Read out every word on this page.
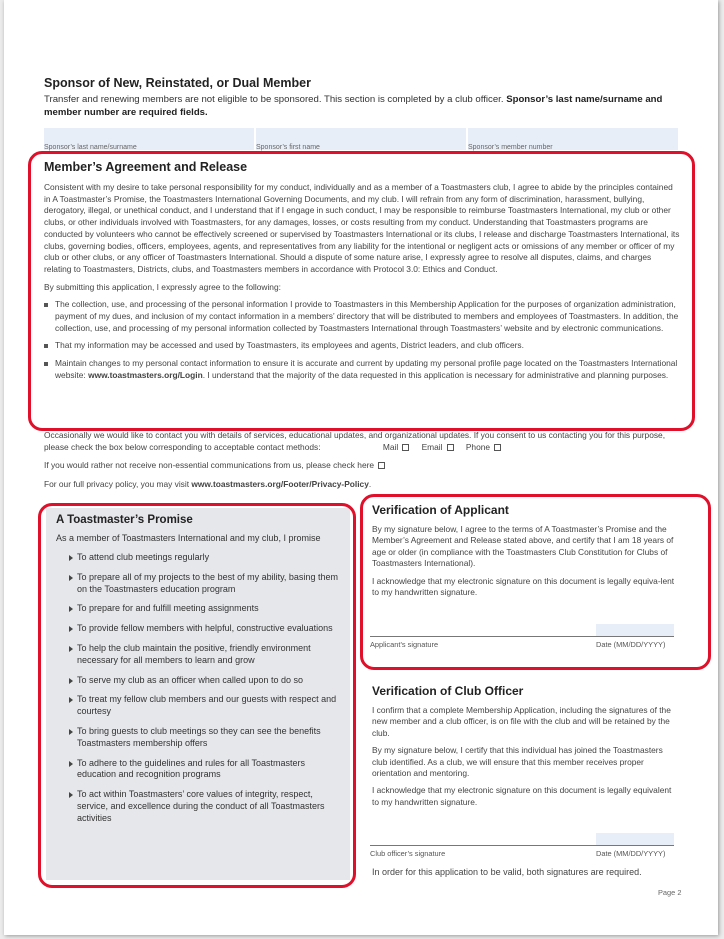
Sponsor of New, Reinstated, or Dual Member
Transfer and renewing members are not eligible to be sponsored. This section is completed by a club officer. Sponsor’s last name/surname and member number are required fields.
Sponsor’s last name/surname	Sponsor’s first name	Sponsor’s member number
Member’s Agreement and Release

Consistent with my desire to take personal responsibility for my conduct, individually and as a member of a Toastmasters club, I agree to abide by the principles contained in A Toastmaster’s Promise, the Toastmasters International Governing Documents, and my club. I will refrain from any form of discrimination, harassment, bullying, derogatory, illegal, or unethical conduct, and I understand that if I engage in such conduct, I may be responsible to reimburse Toastmasters International, my club or other clubs, or other individuals involved with Toastmasters, for any damages, losses, or costs resulting from my conduct. Understanding that Toastmasters programs are conducted by volunteers who cannot be effectively screened or supervised by Toastmasters International or its clubs, I release and discharge Toastmasters International, its clubs, governing bodies, officers, employees, agents, and representatives from any liability for the intentional or negligent acts or omissions of any member or officer of my club or other clubs, or any officer of Toastmasters International. Should a dispute of some nature arise, I expressly agree to resolve all disputes, claims, and charges relating to Toastmasters, Districts, clubs, and Toastmasters members in accordance with Protocol 3.0: Ethics and Conduct.

By submitting this application, I expressly agree to the following:

The collection, use, and processing of the personal information I provide to Toastmasters in this Membership Application for the purposes of organization administration, payment of my dues, and inclusion of my contact information in a members’ directory that will be distributed to members and employees of Toastmasters. In addition, the collection, use, and processing of my personal information collected by Toastmasters International through Toastmasters’ website and by electronic communications.
That my information may be accessed and used by Toastmasters, its employees and agents, District leaders, and club officers.
Maintain changes to my personal contact information to ensure it is accurate and current by updating my personal profile page located on the Toastmasters International website: www.toastmasters.org/Login. I understand that the majority of the data requested in this application is necessary for administrative and planning purposes.

Occasionally we would like to contact you with details of services, educational updates, and organizational updates. If you consent to us contacting you for this purpose, please check the box below corresponding to acceptable contact methods:	Mail	Email	Phone

If you would rather not receive non-essential communications from us, please check here

For our full privacy policy, you may visit www.toastmasters.org/Footer/Privacy-Policy.

A Toastmaster’s Promise
As a member of Toastmasters International and my club, I promise
To attend club meetings regularly
To prepare all of my projects to the best of my ability, basing them on the Toastmasters education program
To prepare for and fulfill meeting assignments
To provide fellow members with helpful, constructive evaluations
To help the club maintain the positive, friendly environment necessary for all members to learn and grow
To serve my club as an officer when called upon to do so
To treat my fellow club members and our guests with respect and courtesy
To bring guests to club meetings so they can see the benefits Toastmasters membership offers
To adhere to the guidelines and rules for all Toastmasters education and recognition programs
To act within Toastmasters’ core values of integrity, respect, service, and excellence during the conduct of all Toastmasters activities
Verification of Applicant

By my signature below, I agree to the terms of A Toastmaster’s Promise and the Member’s Agreement and Release stated above, and certify that I am 18 years of age or older (in compliance with the Toastmasters Club Constitution for Clubs of Toastmasters International).

I acknowledge that my electronic signature on this document is legally equiva-lent to my handwritten signature.

Applicant’s signature	Date (MM/DD/YYYY)
Verification of Club Officer

I confirm that a complete Membership Application, including the signatures of the new member and a club officer, is on file with the club and will be retained by the club.

By my signature below, I certify that this individual has joined the Toastmasters club identified. As a club, we will ensure that this member receives proper orientation and mentoring.

I acknowledge that my electronic signature on this document is legally equivalent to my handwritten signature.

Club officer’s signature	Date (MM/DD/YYYY)
In order for this application to be valid, both signatures are required.
Page 2
